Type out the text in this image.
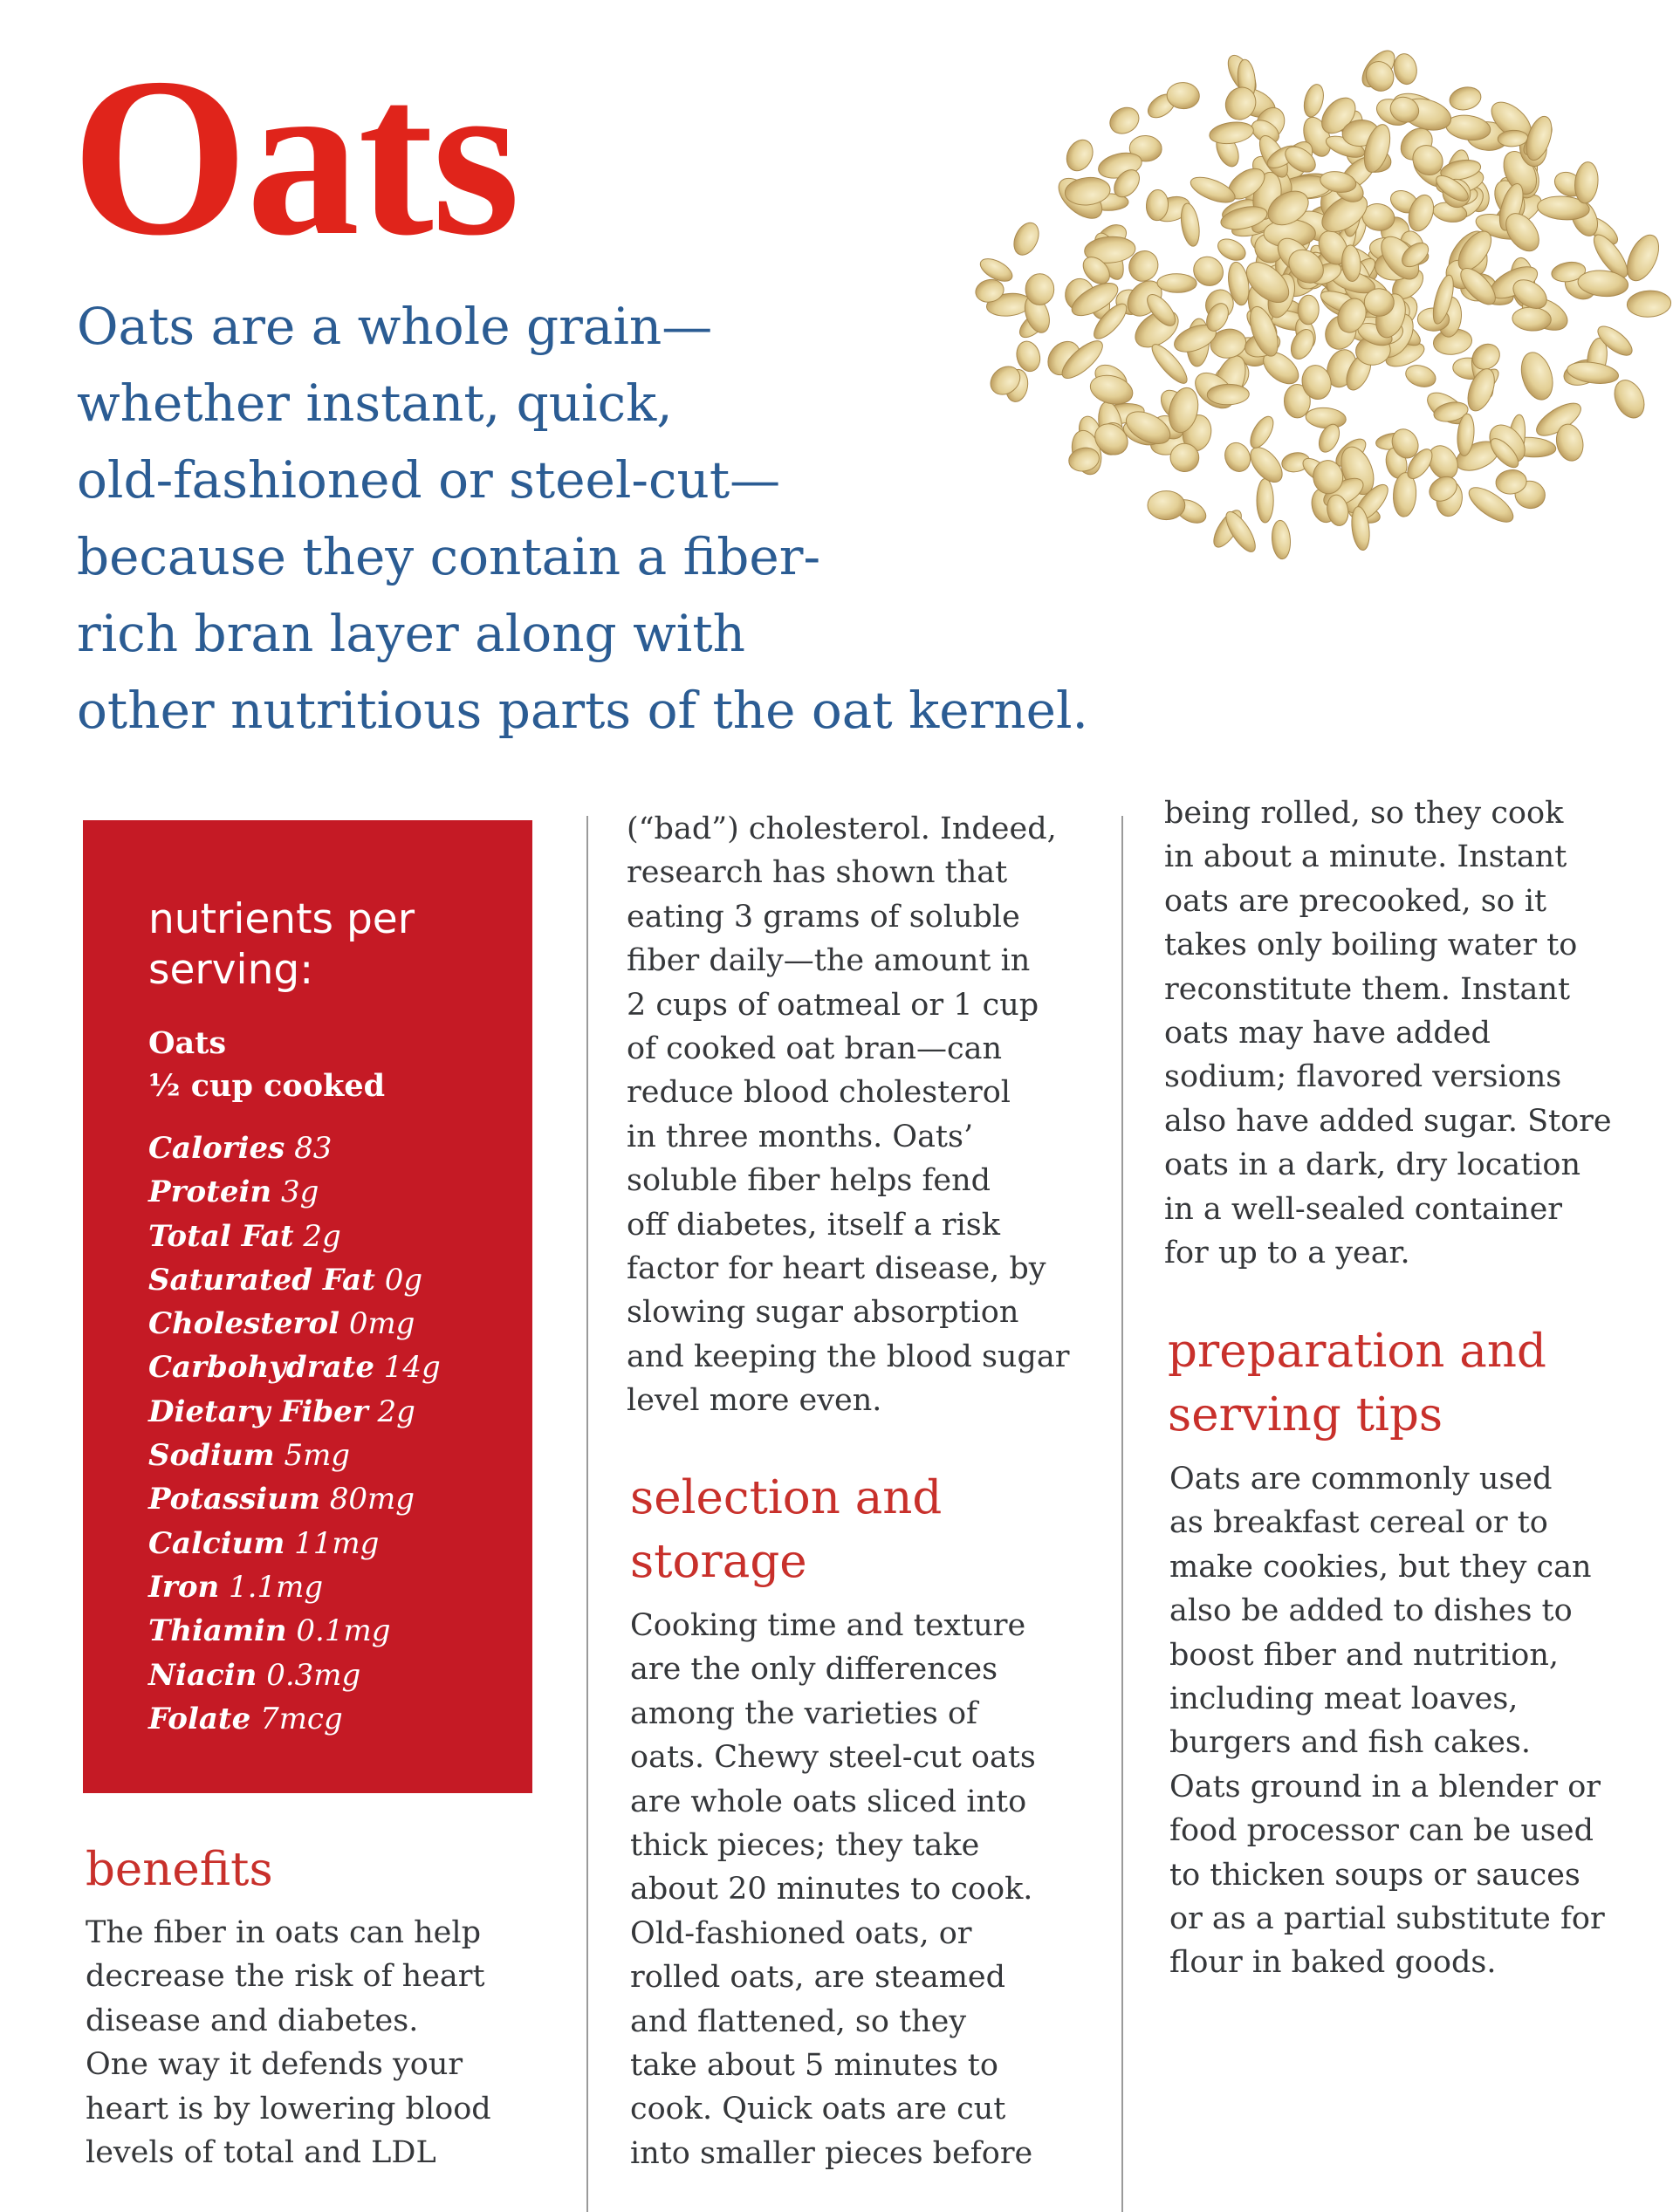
Oats
Oats are a whole grain—
whether instant, quick,
old-fashioned or steel-cut—
because they contain a fiber-
rich bran layer along with
other nutritious parts of the oat kernel.
nutrients per
serving:
Oats
½ cup cooked
Calories 83
Protein 3g
Total Fat 2g
Saturated Fat 0g
Cholesterol 0mg
Carbohydrate 14g
Dietary Fiber 2g
Sodium 5mg
Potassium 80mg
Calcium 11mg
Iron 1.1mg
Thiamin 0.1mg
Niacin 0.3mg
Folate 7mcg
benefits
The fiber in oats can help
decrease the risk of heart
disease and diabetes.
One way it defends your
heart is by lowering blood
levels of total and LDL
(“bad”) cholesterol. Indeed,
research has shown that
eating 3 grams of soluble
fiber daily—the amount in
2 cups of oatmeal or 1 cup
of cooked oat bran—can
reduce blood cholesterol
in three months. Oats’
soluble fiber helps fend
off diabetes, itself a risk
factor for heart disease, by
slowing sugar absorption
and keeping the blood sugar
level more even.
selection and
storage
Cooking time and texture
are the only differences
among the varieties of
oats. Chewy steel-cut oats
are whole oats sliced into
thick pieces; they take
about 20 minutes to cook.
Old-fashioned oats, or
rolled oats, are steamed
and flattened, so they
take about 5 minutes to
cook. Quick oats are cut
into smaller pieces before
being rolled, so they cook
in about a minute. Instant
oats are precooked, so it
takes only boiling water to
reconstitute them. Instant
oats may have added
sodium; flavored versions
also have added sugar. Store
oats in a dark, dry location
in a well-sealed container
for up to a year.
preparation and
serving tips
Oats are commonly used
as breakfast cereal or to
make cookies, but they can
also be added to dishes to
boost fiber and nutrition,
including meat loaves,
burgers and fish cakes.
Oats ground in a blender or
food processor can be used
to thicken soups or sauces
or as a partial substitute for
flour in baked goods.
